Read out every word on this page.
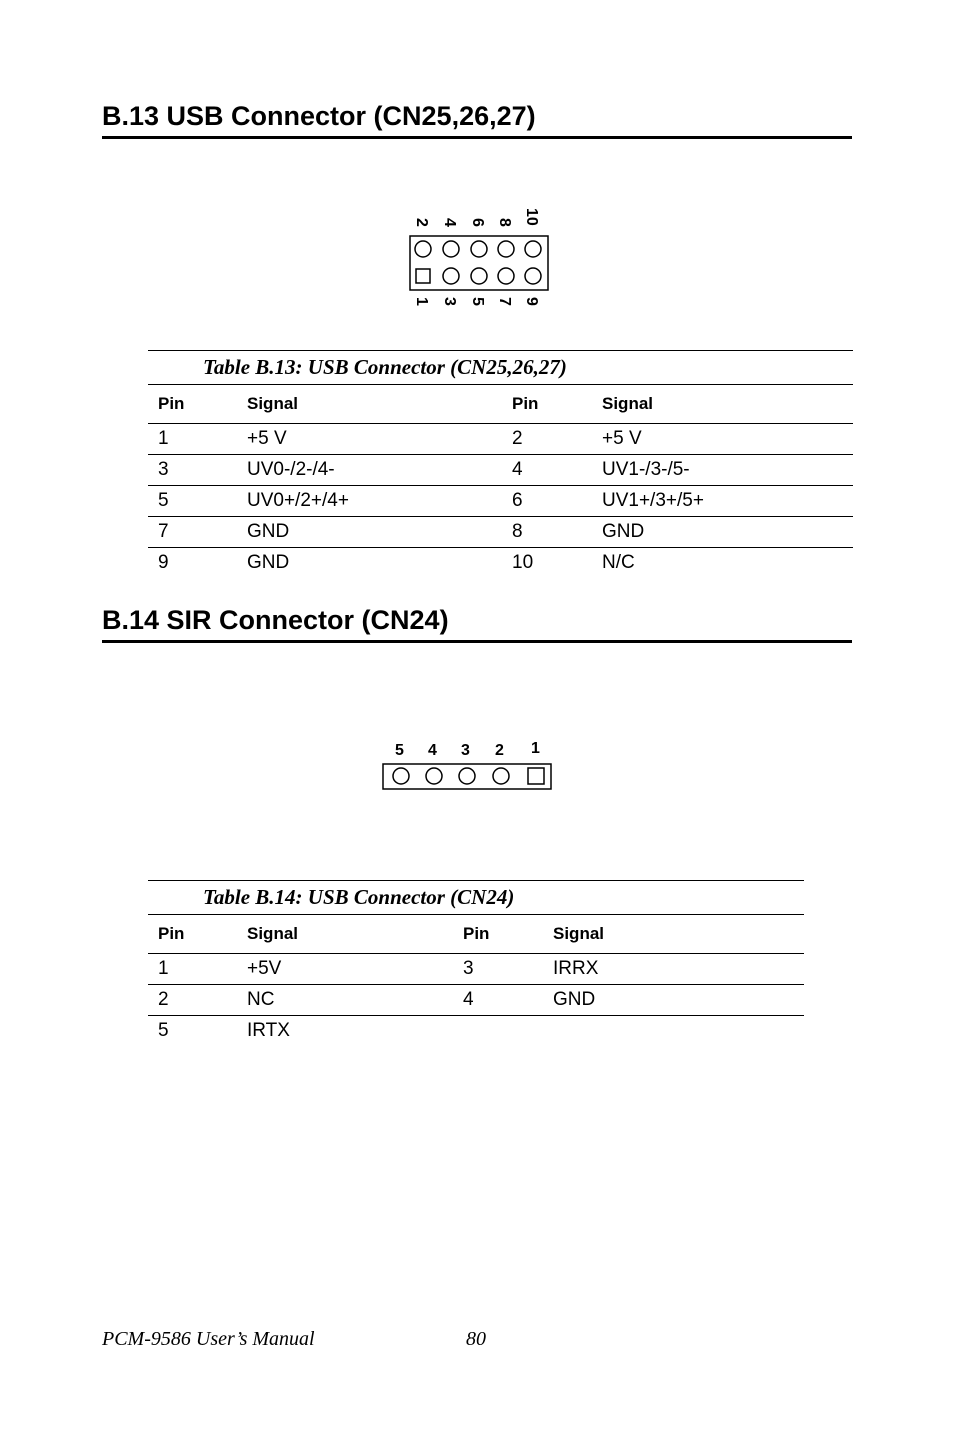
B.13 USB Connector (CN25,26,27)
2 4 6 8 10
1 3 5 7 9
Table B.13: USB Connector (CN25,26,27)
Pin	Signal	Pin	Signal
1	+5 V	2	+5 V
3	UV0-/2-/4-	4	UV1-/3-/5-
5	UV0+/2+/4+	6	UV1+/3+/5+
7	GND	8	GND
9	GND	10	N/C
B.14 SIR Connector (CN24)
5 4 3 2 1
Table B.14: USB Connector (CN24)
Pin	Signal	Pin	Signal
1	+5V	3	IRRX
2	NC	4	GND
5	IRTX		
PCM-9586 User’s Manual	80
